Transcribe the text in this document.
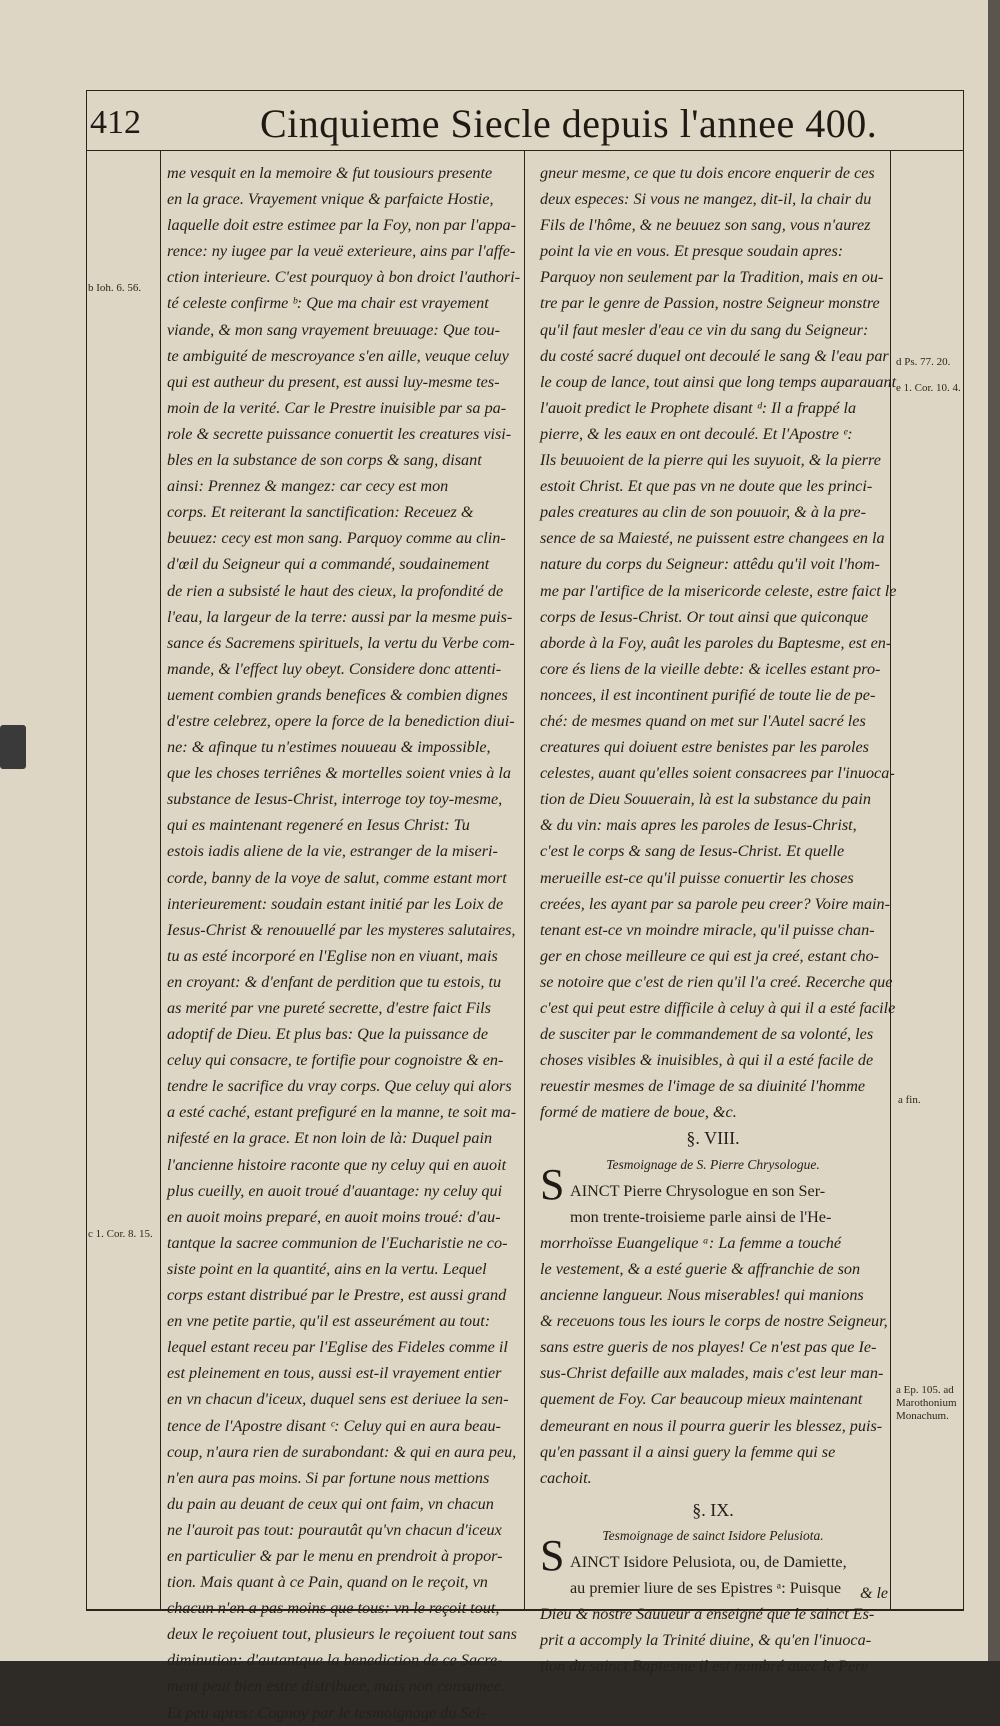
412	Cinquieme Siecle depuis l'annee 400.
b Ioh. 6. 56.
c 1. Cor. 8. 15.
d Ps. 77. 20.
e 1. Cor. 10. 4.
a fin.
a Ep. 105. ad
Marothonium
Monachum.
me vesquit en la memoire & fut tousiours presente
en la grace. Vrayement vnique & parfaicte Hostie,
laquelle doit estre estimee par la Foy, non par l'appa-
rence: ny iugee par la veuë exterieure, ains par l'affe-
ction interieure. C'est pourquoy à bon droict l'authori-
té celeste confirme ᵇ: Que ma chair est vrayement
viande, & mon sang vrayement breuuage: Que tou-
te ambiguité de mescroyance s'en aille, veuque celuy
qui est autheur du present, est aussi luy-mesme tes-
moin de la verité. Car le Prestre inuisible par sa pa-
role & secrette puissance conuertit les creatures visi-
bles en la substance de son corps & sang, disant
ainsi: Prennez & mangez: car cecy est mon
corps. Et reiterant la sanctification: Receuez &
beuuez: cecy est mon sang. Parquoy comme au clin-
d'œil du Seigneur qui a commandé, soudainement
de rien a subsisté le haut des cieux, la profondité de
l'eau, la largeur de la terre: aussi par la mesme puis-
sance és Sacremens spirituels, la vertu du Verbe com-
mande, & l'effect luy obeyt. Considere donc attenti-
uement combien grands benefices & combien dignes
d'estre celebrez, opere la force de la benediction diui-
ne: & afinque tu n'estimes nouueau & impossible,
que les choses terriênes & mortelles soient vnies à la
substance de Iesus-Christ, interroge toy toy-mesme,
qui es maintenant regeneré en Iesus Christ: Tu
estois iadis aliene de la vie, estranger de la miseri-
corde, banny de la voye de salut, comme estant mort
interieurement: soudain estant initié par les Loix de
Iesus-Christ & renouuellé par les mysteres salutaires,
tu as esté incorporé en l'Eglise non en viuant, mais
en croyant: & d'enfant de perdition que tu estois, tu
as merité par vne pureté secrette, d'estre faict Fils
adoptif de Dieu. Et plus bas: Que la puissance de
celuy qui consacre, te fortifie pour cognoistre & en-
tendre le sacrifice du vray corps. Que celuy qui alors
a esté caché, estant prefiguré en la manne, te soit ma-
nifesté en la grace. Et non loin de là: Duquel pain
l'ancienne histoire raconte que ny celuy qui en auoit
plus cueilly, en auoit troué d'auantage: ny celuy qui
en auoit moins preparé, en auoit moins troué: d'au-
tantque la sacree communion de l'Eucharistie ne co-
siste point en la quantité, ains en la vertu. Lequel
corps estant distribué par le Prestre, est aussi grand
en vne petite partie, qu'il est asseurément au tout:
lequel estant receu par l'Eglise des Fideles comme il
est pleinement en tous, aussi est-il vrayement entier
en vn chacun d'iceux, duquel sens est deriuee la sen-
tence de l'Apostre disant ᶜ: Celuy qui en aura beau-
coup, n'aura rien de surabondant: & qui en aura peu,
n'en aura pas moins. Si par fortune nous mettions
du pain au deuant de ceux qui ont faim, vn chacun
ne l'auroit pas tout: pourautât qu'vn chacun d'iceux
en particulier & par le menu en prendroit à propor-
tion. Mais quant à ce Pain, quand on le reçoit, vn
chacun n'en a pas moins que tous: vn le reçoit tout,
deux le reçoiuent tout, plusieurs le reçoiuent tout sans
diminution: d'autantque la benediction de ce Sacre-
ment peut bien estre distribuee, mais non consumee.
Et peu apres: Cognoy par le tesmoignage du Sei-
gneur mesme, ce que tu dois encore enquerir de ces
deux especes: Si vous ne mangez, dit-il, la chair du
Fils de l'hôme, & ne beuuez son sang, vous n'aurez
point la vie en vous. Et presque soudain apres:
Parquoy non seulement par la Tradition, mais en ou-
tre par le genre de Passion, nostre Seigneur monstre
qu'il faut mesler d'eau ce vin du sang du Seigneur:
du costé sacré duquel ont decoulé le sang & l'eau par
le coup de lance, tout ainsi que long temps auparauant
l'auoit predict le Prophete disant ᵈ: Il a frappé la
pierre, & les eaux en ont decoulé. Et l'Apostre ᵉ:
Ils beuuoient de la pierre qui les suyuoit, & la pierre
estoit Christ. Et que pas vn ne doute que les princi-
pales creatures au clin de son pouuoir, & à la pre-
sence de sa Maiesté, ne puissent estre changees en la
nature du corps du Seigneur: attêdu qu'il voit l'hom-
me par l'artifice de la misericorde celeste, estre faict le
corps de Iesus-Christ. Or tout ainsi que quiconque
aborde à la Foy, auât les paroles du Baptesme, est en-
core és liens de la vieille debte: & icelles estant pro-
noncees, il est incontinent purifié de toute lie de pe-
ché: de mesmes quand on met sur l'Autel sacré les
creatures qui doiuent estre benistes par les paroles
celestes, auant qu'elles soient consacrees par l'inuoca-
tion de Dieu Souuerain, là est la substance du pain
& du vin: mais apres les paroles de Iesus-Christ,
c'est le corps & sang de Iesus-Christ. Et quelle
merueille est-ce qu'il puisse conuertir les choses
creées, les ayant par sa parole peu creer? Voire main-
tenant est-ce vn moindre miracle, qu'il puisse chan-
ger en chose meilleure ce qui est ja creé, estant cho-
se notoire que c'est de rien qu'il l'a creé. Recerche que
c'est qui peut estre difficile à celuy à qui il a esté facile
de susciter par le commandement de sa volonté, les
choses visibles & inuisibles, à qui il a esté facile de
reuestir mesmes de l'image de sa diuinité l'homme
formé de matiere de boue, &c.
§. VIII.
Tesmoignage de S. Pierre Chrysologue.
S AINCT Pierre Chrysologue en son Ser-
mon trente-troisieme parle ainsi de l'He-
morrhoïsse Euangelique ᵃ: La femme a touché
le vestement, & a esté guerie & affranchie de son
ancienne langueur. Nous miserables! qui manions
& receuons tous les iours le corps de nostre Seigneur,
sans estre gueris de nos playes! Ce n'est pas que Ie-
sus-Christ defaille aux malades, mais c'est leur man-
quement de Foy. Car beaucoup mieux maintenant
demeurant en nous il pourra guerir les blessez, puis-
qu'en passant il a ainsi guery la femme qui se
cachoit.
§. IX.
Tesmoignage de sainct Isidore Pelusiota.
S AINCT Isidore Pelusiota, ou, de Damiette,
au premier liure de ses Epistres ᵃ: Puisque
Dieu & nostre Sauueur a enseigné que le sainct Es-
prit a accomply la Trinité diuine, & qu'en l'inuoca-
tion du sainct Baptesme il est nombré auec le Pere
& le
